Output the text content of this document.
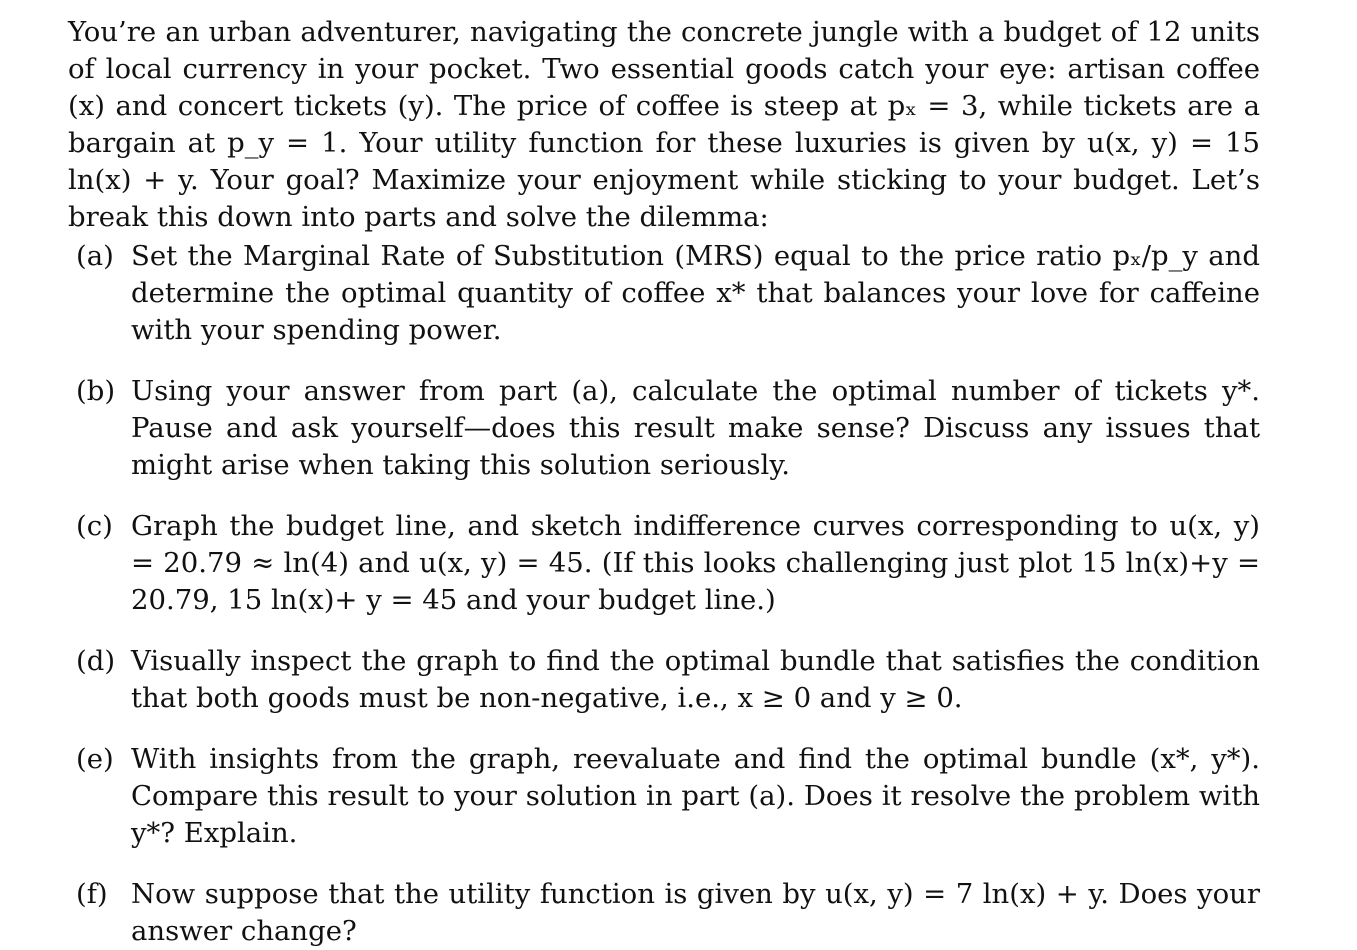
You’re an urban adventurer, navigating the concrete jungle with a budget of 12 units of local currency in your pocket. Two essential goods catch your eye: artisan coffee (x) and concert tickets (y). The price of coffee is steep at pₓ = 3, while tickets are a bargain at p_y = 1. Your utility function for these luxuries is given by u(x, y) = 15 ln(x) + y. Your goal? Maximize your enjoyment while sticking to your budget. Let’s break this down into parts and solve the dilemma:

(a) Set the Marginal Rate of Substitution (MRS) equal to the price ratio pₓ/p_y and determine the optimal quantity of coffee x* that balances your love for caffeine with your spending power.
(b) Using your answer from part (a), calculate the optimal number of tickets y*. Pause and ask yourself—does this result make sense? Discuss any issues that might arise when taking this solution seriously.
(c) Graph the budget line, and sketch indifference curves corresponding to u(x, y) = 20.79 ≈ ln(4) and u(x, y) = 45. (If this looks challenging just plot 15 ln(x)+y = 20.79, 15 ln(x)+ y = 45 and your budget line.)
(d) Visually inspect the graph to find the optimal bundle that satisfies the condition that both goods must be non-negative, i.e., x ≥ 0 and y ≥ 0.
(e) With insights from the graph, reevaluate and find the optimal bundle (x*, y*). Compare this result to your solution in part (a). Does it resolve the problem with y*? Explain.
(f) Now suppose that the utility function is given by u(x, y) = 7 ln(x) + y. Does your answer change?
